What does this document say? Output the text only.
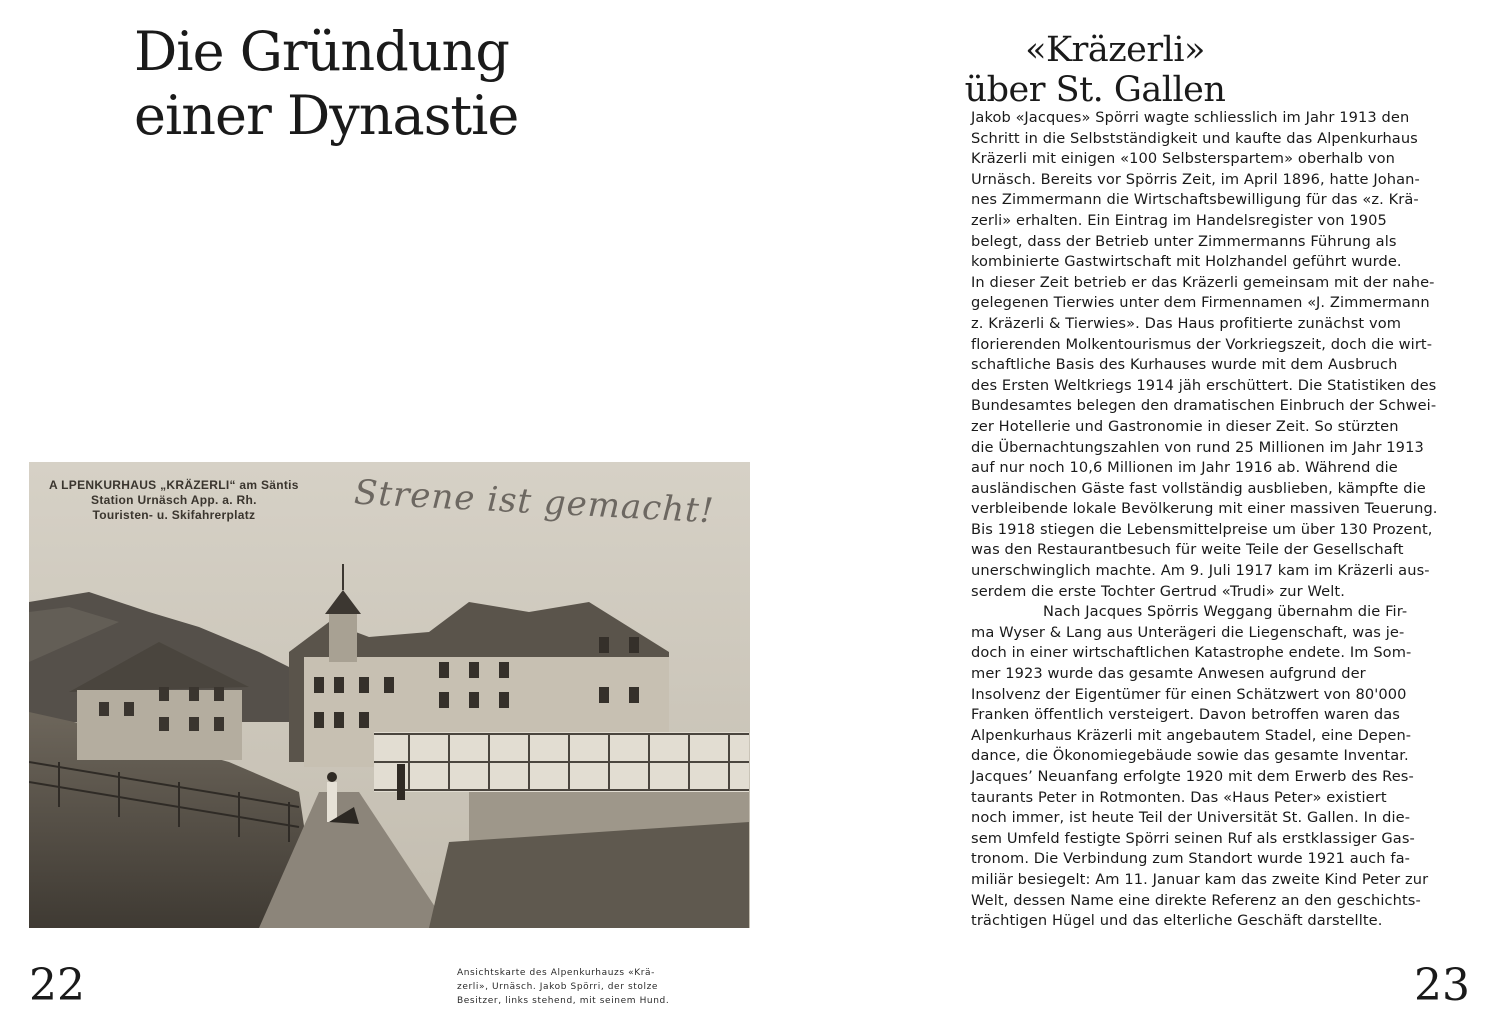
Die Gründung
einer Dynastie
A LPENKURHAUS „KRÄZERLI“ am Säntis
Station Urnäsch App. a. Rh.
Touristen- u. Skifahrerplatz	Strene ist gemacht!

22	Ansichtskarte des Alpenkurhauzs «Krä-
zerli», Urnäsch. Jakob Spörri, der stolze
Besitzer, links stehend, mit seinem Hund.
«Kräzerli»
über St. Gallen
Jakob «Jacques» Spörri wagte schliesslich im Jahr 1913 den
Schritt in die Selbstständigkeit und kaufte das Alpenkurhaus
Kräzerli mit einigen «100 Selbsterspartem» oberhalb von
Urnäsch. Bereits vor Spörris Zeit, im April 1896, hatte Johan-
nes Zimmermann die Wirtschaftsbewilligung für das «z. Krä-
zerli» erhalten. Ein Eintrag im Handelsregister von 1905
belegt, dass der Betrieb unter Zimmermanns Führung als
kombinierte Gastwirtschaft mit Holzhandel geführt wurde.
In dieser Zeit betrieb er das Kräzerli gemeinsam mit der nahe-
gelegenen Tierwies unter dem Firmennamen «J. Zimmermann
z. Kräzerli & Tierwies». Das Haus profitierte zunächst vom
florierenden Molkentourismus der Vorkriegszeit, doch die wirt-
schaftliche Basis des Kurhauses wurde mit dem Ausbruch
des Ersten Weltkriegs 1914 jäh erschüttert. Die Statistiken des
Bundesamtes belegen den dramatischen Einbruch der Schwei-
zer Hotellerie und Gastronomie in dieser Zeit. So stürzten
die Übernachtungszahlen von rund 25 Millionen im Jahr 1913
auf nur noch 10,6 Millionen im Jahr 1916 ab. Während die
ausländischen Gäste fast vollständig ausblieben, kämpfte die
verbleibende lokale Bevölkerung mit einer massiven Teuerung.
Bis 1918 stiegen die Lebensmittelpreise um über 130 Prozent,
was den Restaurantbesuch für weite Teile der Gesellschaft
unerschwinglich machte. Am 9. Juli 1917 kam im Kräzerli aus-
serdem die erste Tochter Gertrud «Trudi» zur Welt.
Nach Jacques Spörris Weggang übernahm die Fir-
ma Wyser & Lang aus Unterägeri die Liegenschaft, was je-
doch in einer wirtschaftlichen Katastrophe endete. Im Som-
mer 1923 wurde das gesamte Anwesen aufgrund der
Insolvenz der Eigentümer für einen Schätzwert von 80'000
Franken öffentlich versteigert. Davon betroffen waren das
Alpenkurhaus Kräzerli mit angebautem Stadel, eine Depen-
dance, die Ökonomiegebäude sowie das gesamte Inventar.
Jacques’ Neuanfang erfolgte 1920 mit dem Erwerb des Res-
taurants Peter in Rotmonten. Das «Haus Peter» existiert
noch immer, ist heute Teil der Universität St. Gallen. In die-
sem Umfeld festigte Spörri seinen Ruf als erstklassiger Gas-
tronom. Die Verbindung zum Standort wurde 1921 auch fa-
miliär besiegelt: Am 11. Januar kam das zweite Kind Peter zur
Welt, dessen Name eine direkte Referenz an den geschichts-
trächtigen Hügel und das elterliche Geschäft darstellte.

23
